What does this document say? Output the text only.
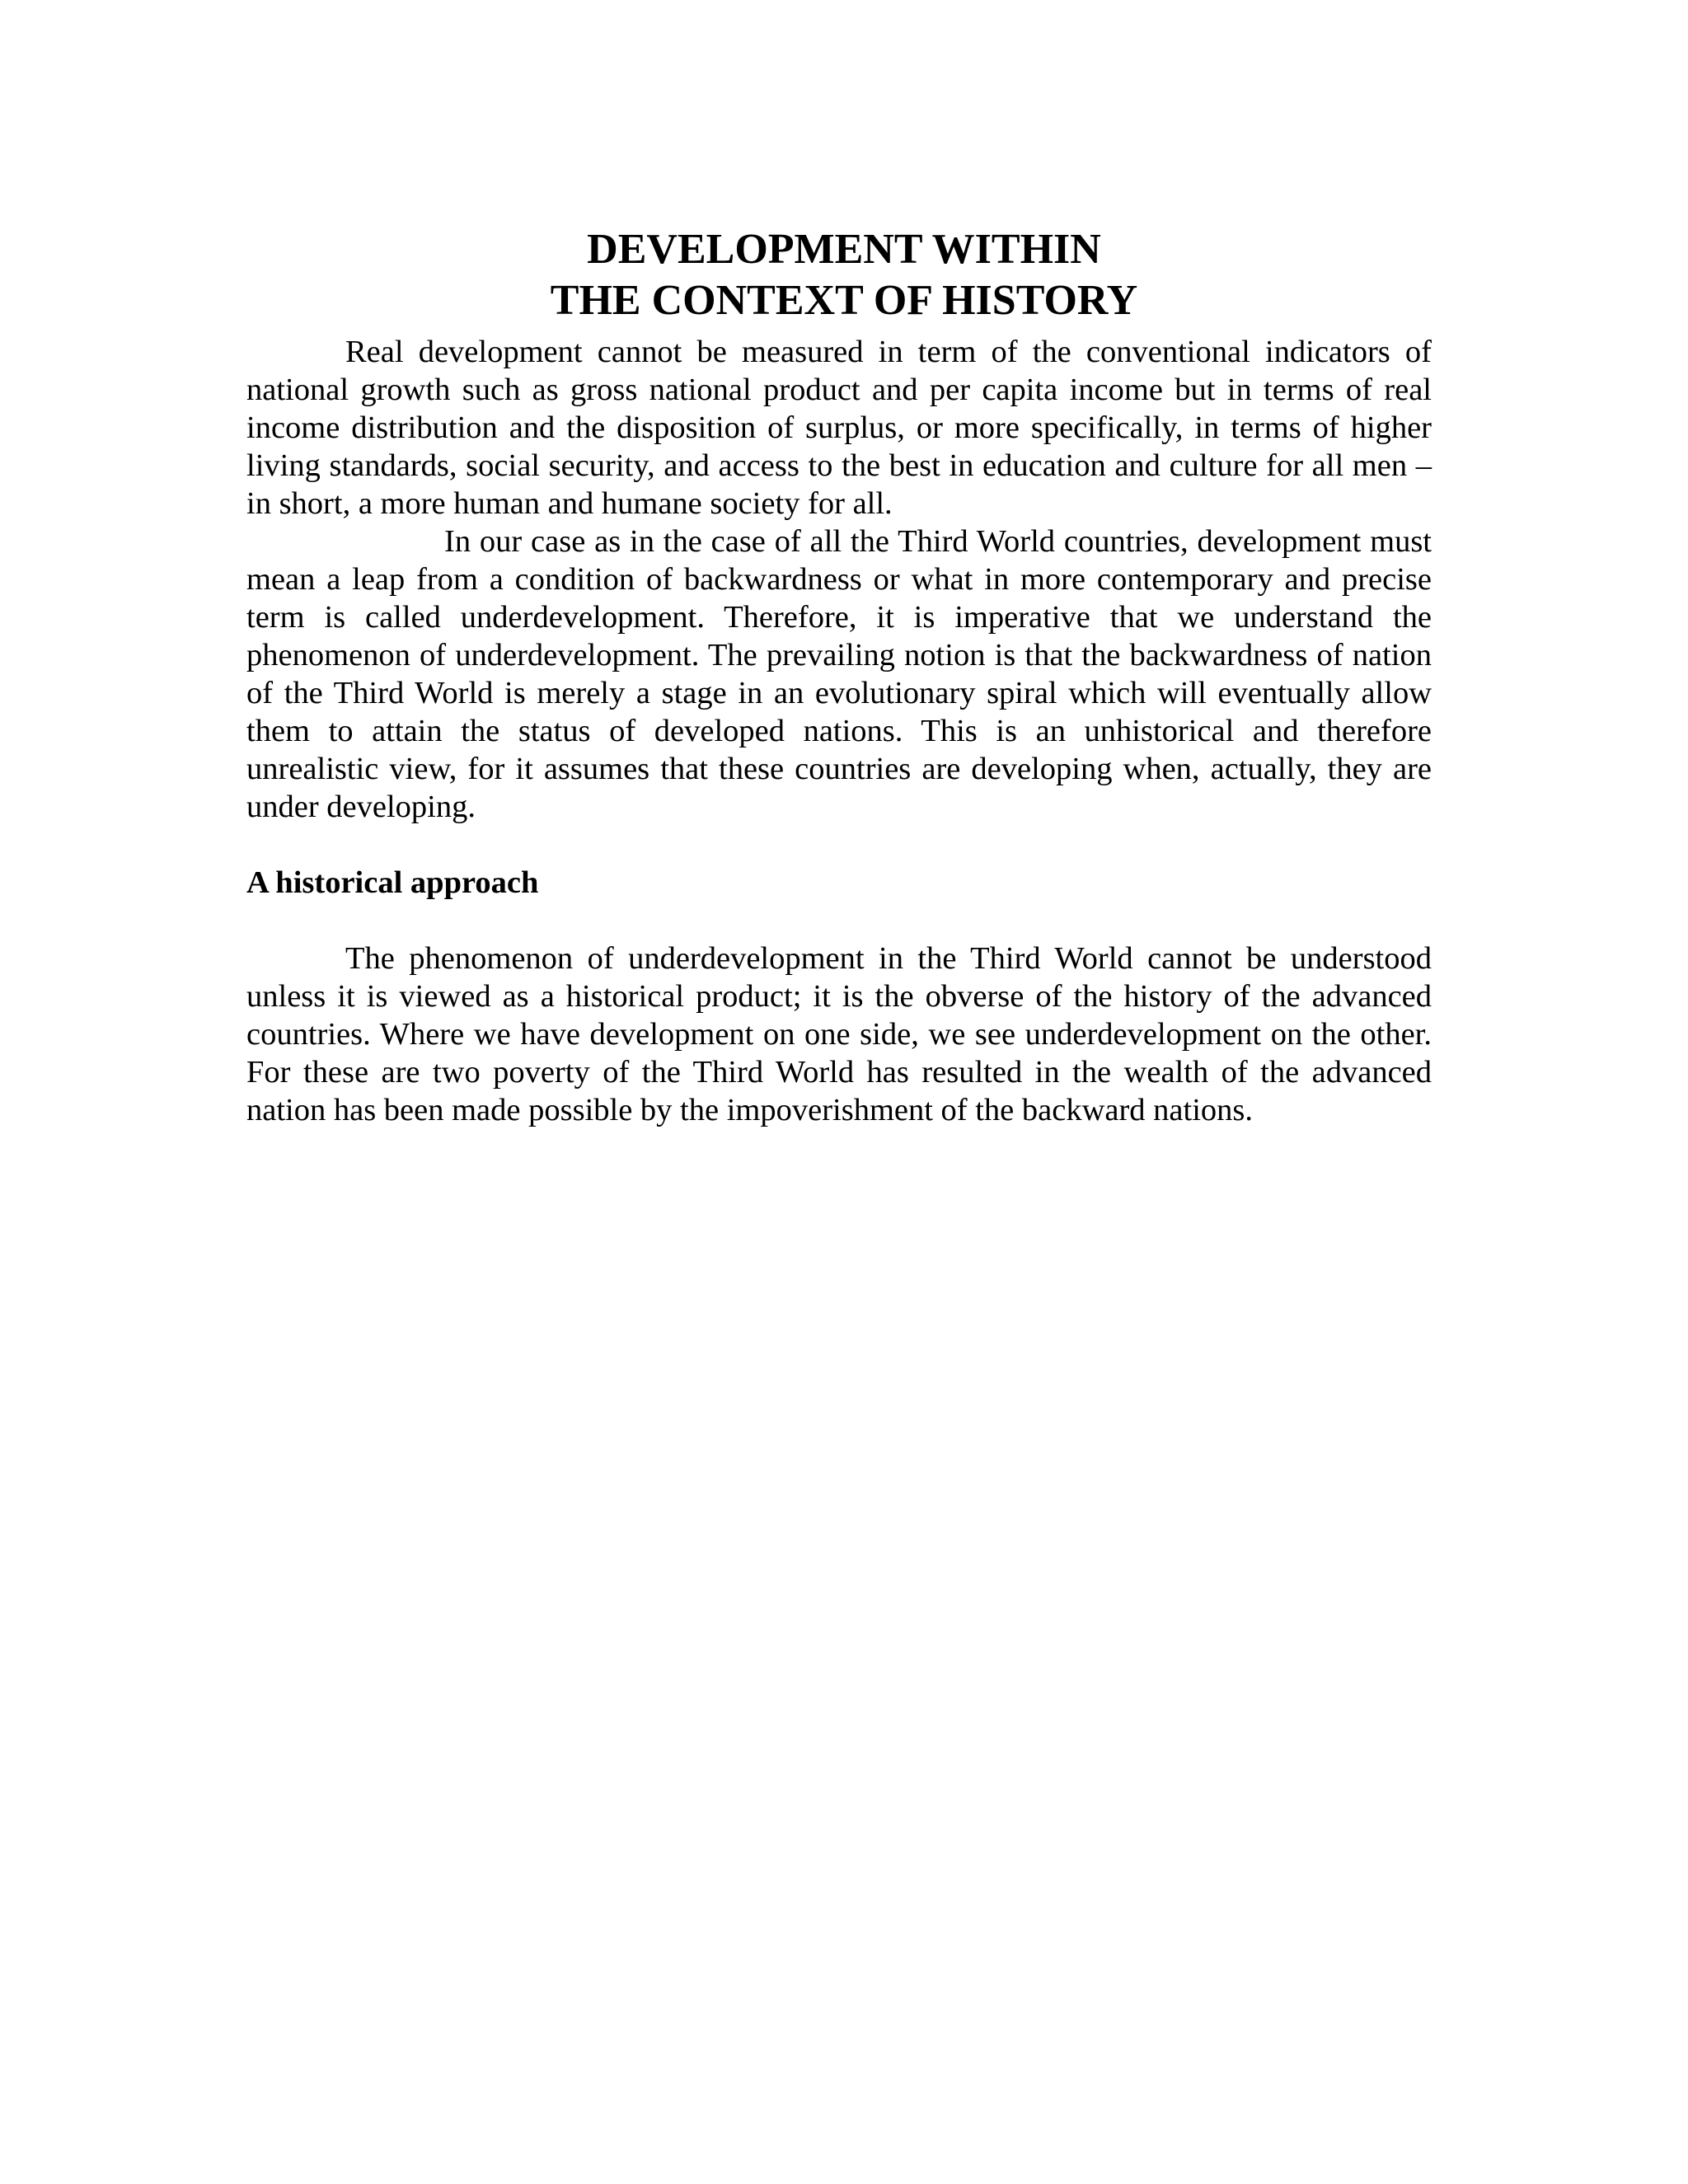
DEVELOPMENT WITHIN
THE CONTEXT OF HISTORY

Real development cannot be measured in term of the conventional indicators of national growth such as gross national product and per capita income but in terms of real income distribution and the disposition of surplus, or more specifically, in terms of higher living standards, social security, and access to the best in education and culture for all men – in short, a more human and humane society for all.

In our case as in the case of all the Third World countries, development must mean a leap from a condition of backwardness or what in more contemporary and precise term is called underdevelopment. Therefore, it is imperative that we understand the phenomenon of underdevelopment. The prevailing notion is that the backwardness of nation of the Third World is merely a stage in an evolutionary spiral which will eventually allow them to attain the status of developed nations. This is an unhistorical and therefore unrealistic view, for it assumes that these countries are developing when, actually, they are under developing.

A historical approach

The phenomenon of underdevelopment in the Third World cannot be understood unless it is viewed as a historical product; it is the obverse of the history of the advanced countries. Where we have development on one side, we see underdevelopment on the other. For these are two poverty of the Third World has resulted in the wealth of the advanced nation has been made possible by the impoverishment of the backward nations.
